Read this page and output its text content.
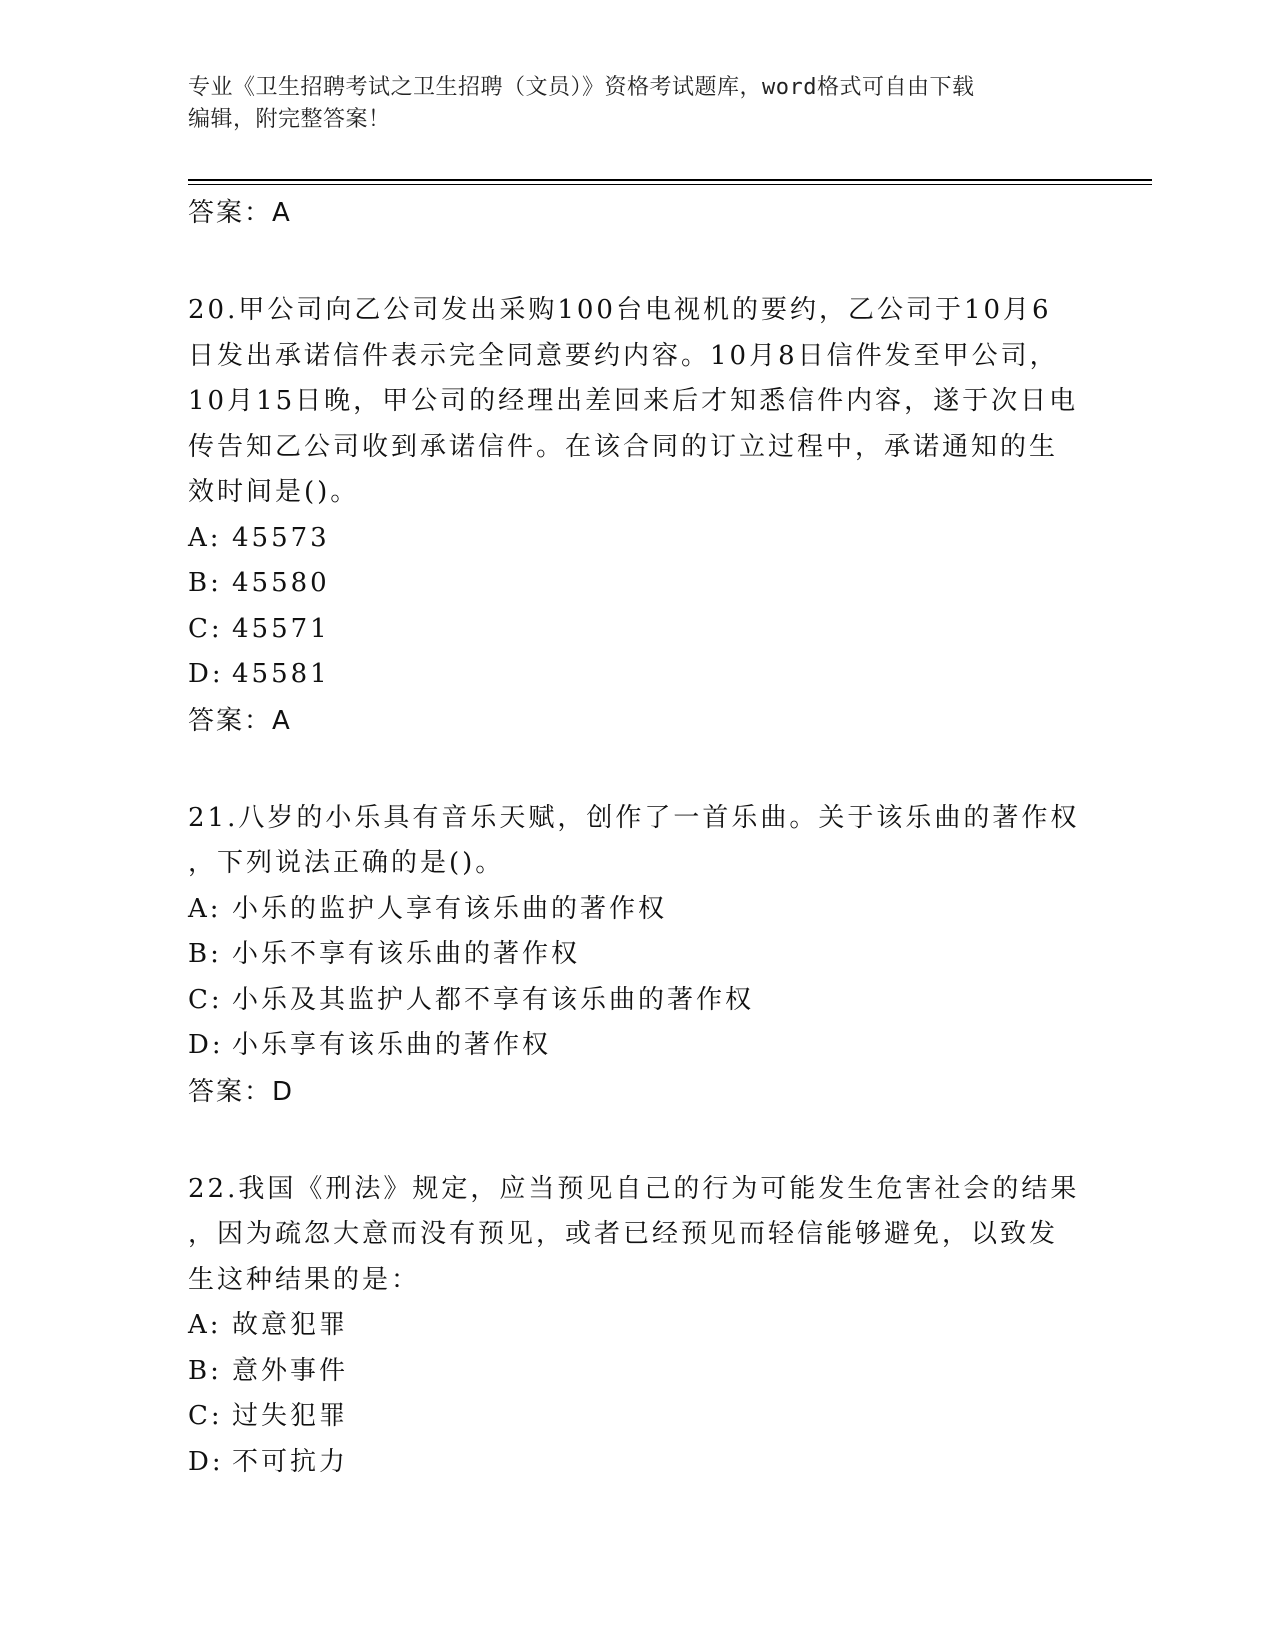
专业《卫生招聘考试之卫生招聘（文员）》资格考试题库，word格式可自由下载
编辑，附完整答案！
答案：A
20.甲公司向乙公司发出采购100台电视机的要约，乙公司于10月6
日发出承诺信件表示完全同意要约内容。10月8日信件发至甲公司，
10月15日晚，甲公司的经理出差回来后才知悉信件内容，遂于次日电
传告知乙公司收到承诺信件。在该合同的订立过程中，承诺通知的生
效时间是()。
A: 45573
B: 45580
C: 45571
D: 45581
答案：A
21.八岁的小乐具有音乐天赋，创作了一首乐曲。关于该乐曲的著作权
，下列说法正确的是()。
A: 小乐的监护人享有该乐曲的著作权
B: 小乐不享有该乐曲的著作权
C: 小乐及其监护人都不享有该乐曲的著作权
D: 小乐享有该乐曲的著作权
答案：D
22.我国《刑法》规定，应当预见自己的行为可能发生危害社会的结果
，因为疏忽大意而没有预见，或者已经预见而轻信能够避免，以致发
生这种结果的是：
A: 故意犯罪
B: 意外事件
C: 过失犯罪
D: 不可抗力
